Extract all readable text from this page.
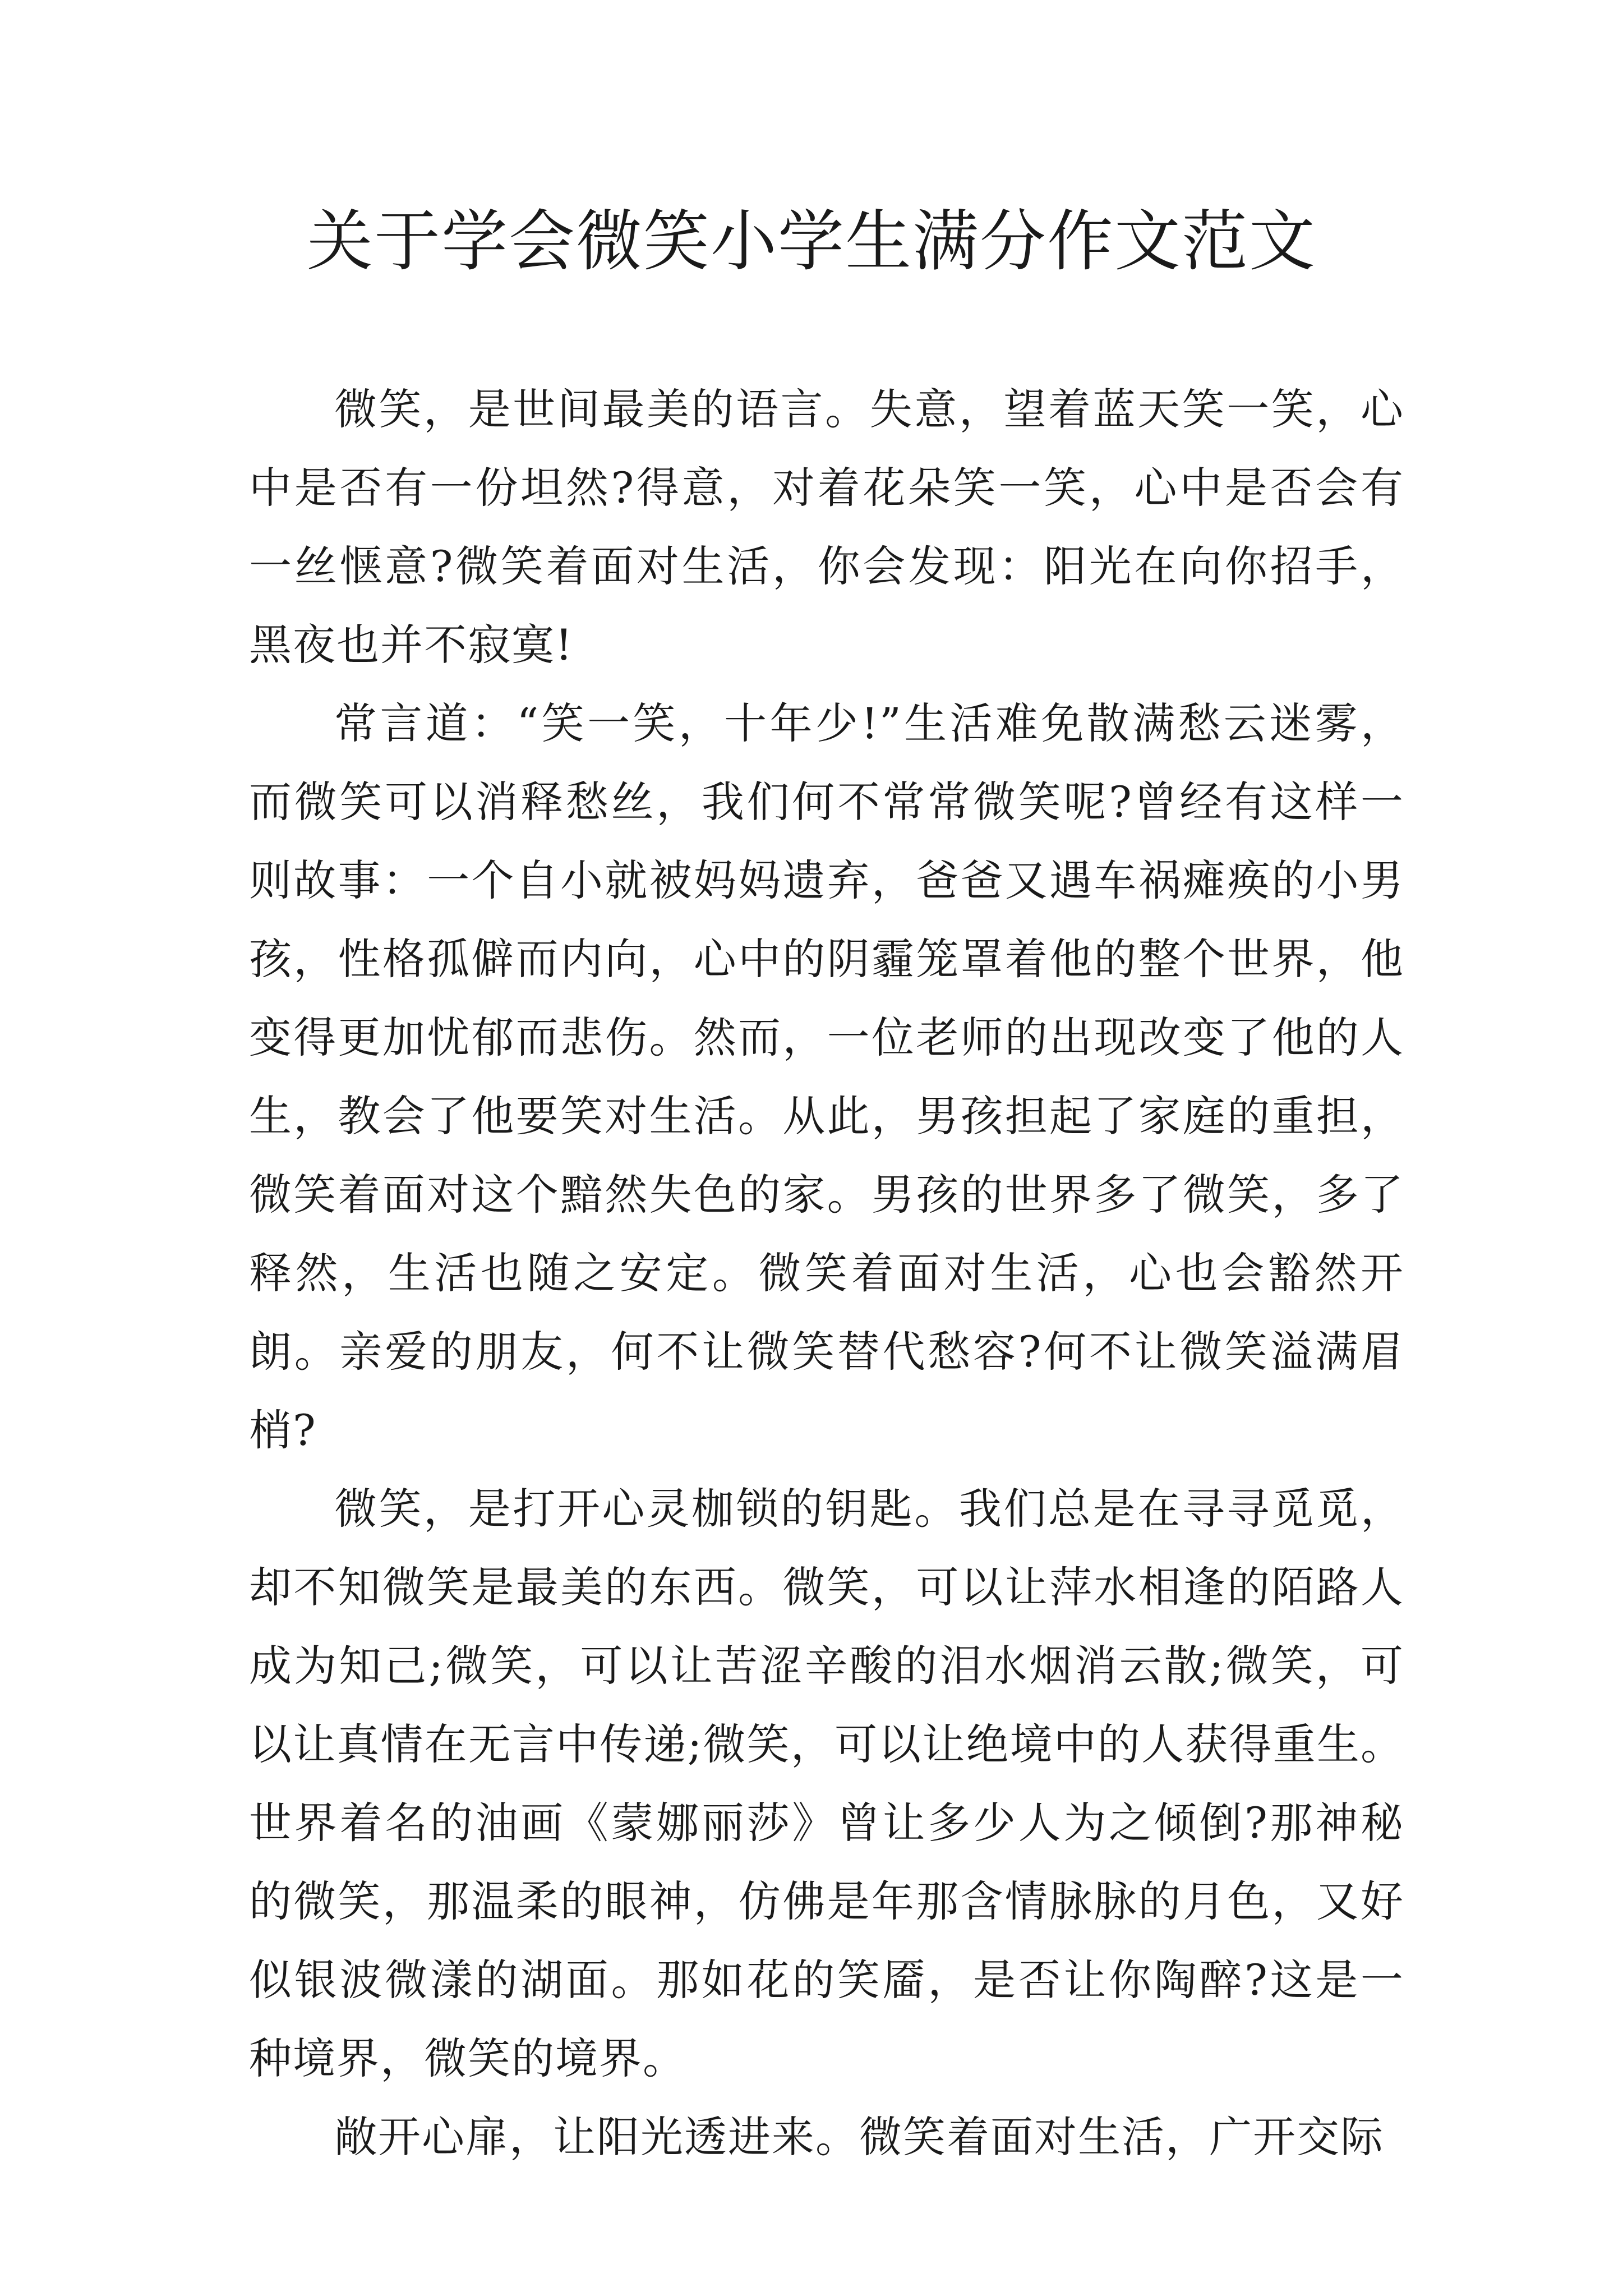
关于学会微笑小学生满分作文范文

微笑，是世间最美的语言。失意，望着蓝天笑一笑，心中是否有一份坦然?得意，对着花朵笑一笑，心中是否会有一丝惬意?微笑着面对生活，你会发现：阳光在向你招手，黑夜也并不寂寞!

常言道：“笑一笑，十年少!”生活难免散满愁云迷雾，而微笑可以消释愁丝，我们何不常常微笑呢?曾经有这样一则故事：一个自小就被妈妈遗弃，爸爸又遇车祸瘫痪的小男孩，性格孤僻而内向，心中的阴霾笼罩着他的整个世界，他变得更加忧郁而悲伤。然而，一位老师的出现改变了他的人生，教会了他要笑对生活。从此，男孩担起了家庭的重担，微笑着面对这个黯然失色的家。男孩的世界多了微笑，多了释然，生活也随之安定。微笑着面对生活，心也会豁然开朗。亲爱的朋友，何不让微笑替代愁容?何不让微笑溢满眉梢?

微笑，是打开心灵枷锁的钥匙。我们总是在寻寻觅觅，却不知微笑是最美的东西。微笑，可以让萍水相逢的陌路人成为知己;微笑，可以让苦涩辛酸的泪水烟消云散;微笑，可以让真情在无言中传递;微笑，可以让绝境中的人获得重生。世界着名的油画《蒙娜丽莎》曾让多少人为之倾倒?那神秘的微笑，那温柔的眼神，仿佛是年那含情脉脉的月色，又好似银波微漾的湖面。那如花的笑靥，是否让你陶醉?这是一种境界，微笑的境界。

敞开心扉，让阳光透进来。微笑着面对生活，广开交际
